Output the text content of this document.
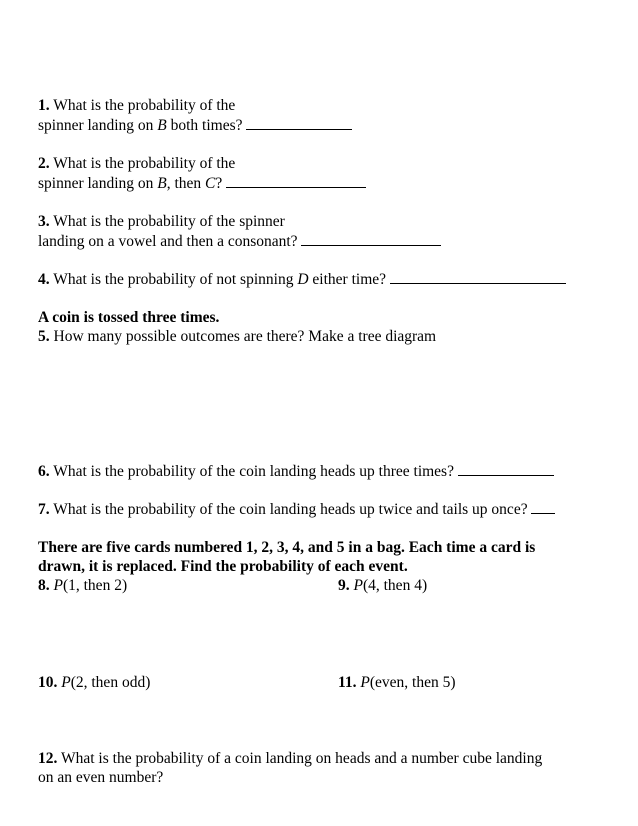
1. What is the probability of the
spinner landing on B both times?
2. What is the probability of the
spinner landing on B, then C?
3. What is the probability of the spinner
landing on a vowel and then a consonant?
4. What is the probability of not spinning D either time?
A coin is tossed three times.
5. How many possible outcomes are there? Make a tree diagram
6. What is the probability of the coin landing heads up three times?
7. What is the probability of the coin landing heads up twice and tails up once?
There are five cards numbered 1, 2, 3, 4, and 5 in a bag. Each time a card is
drawn, it is replaced. Find the probability of each event.
8. P(1, then 2)	9. P(4, then 4)
10. P(2, then odd)	11. P(even, then 5)
12. What is the probability of a coin landing on heads and a number cube landing
on an even number?
